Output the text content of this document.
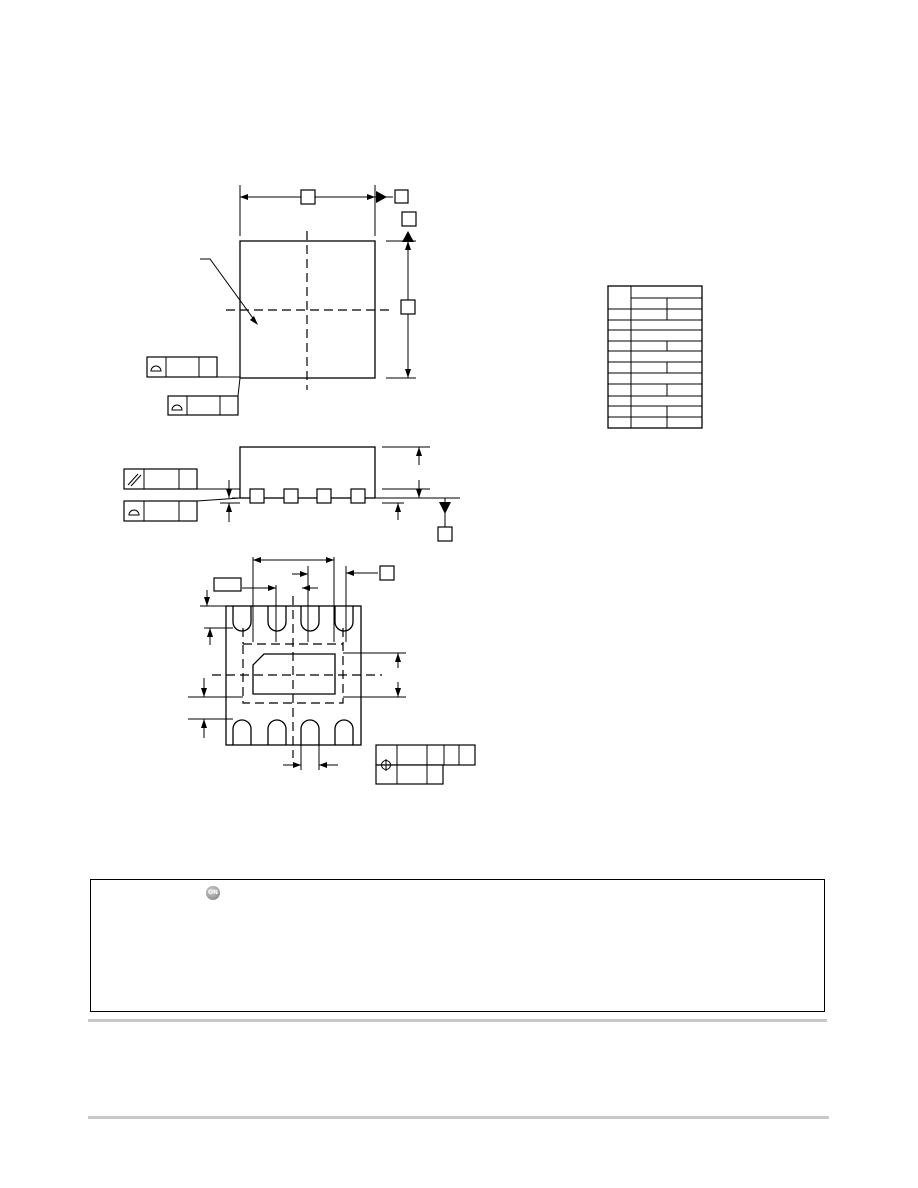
ON
